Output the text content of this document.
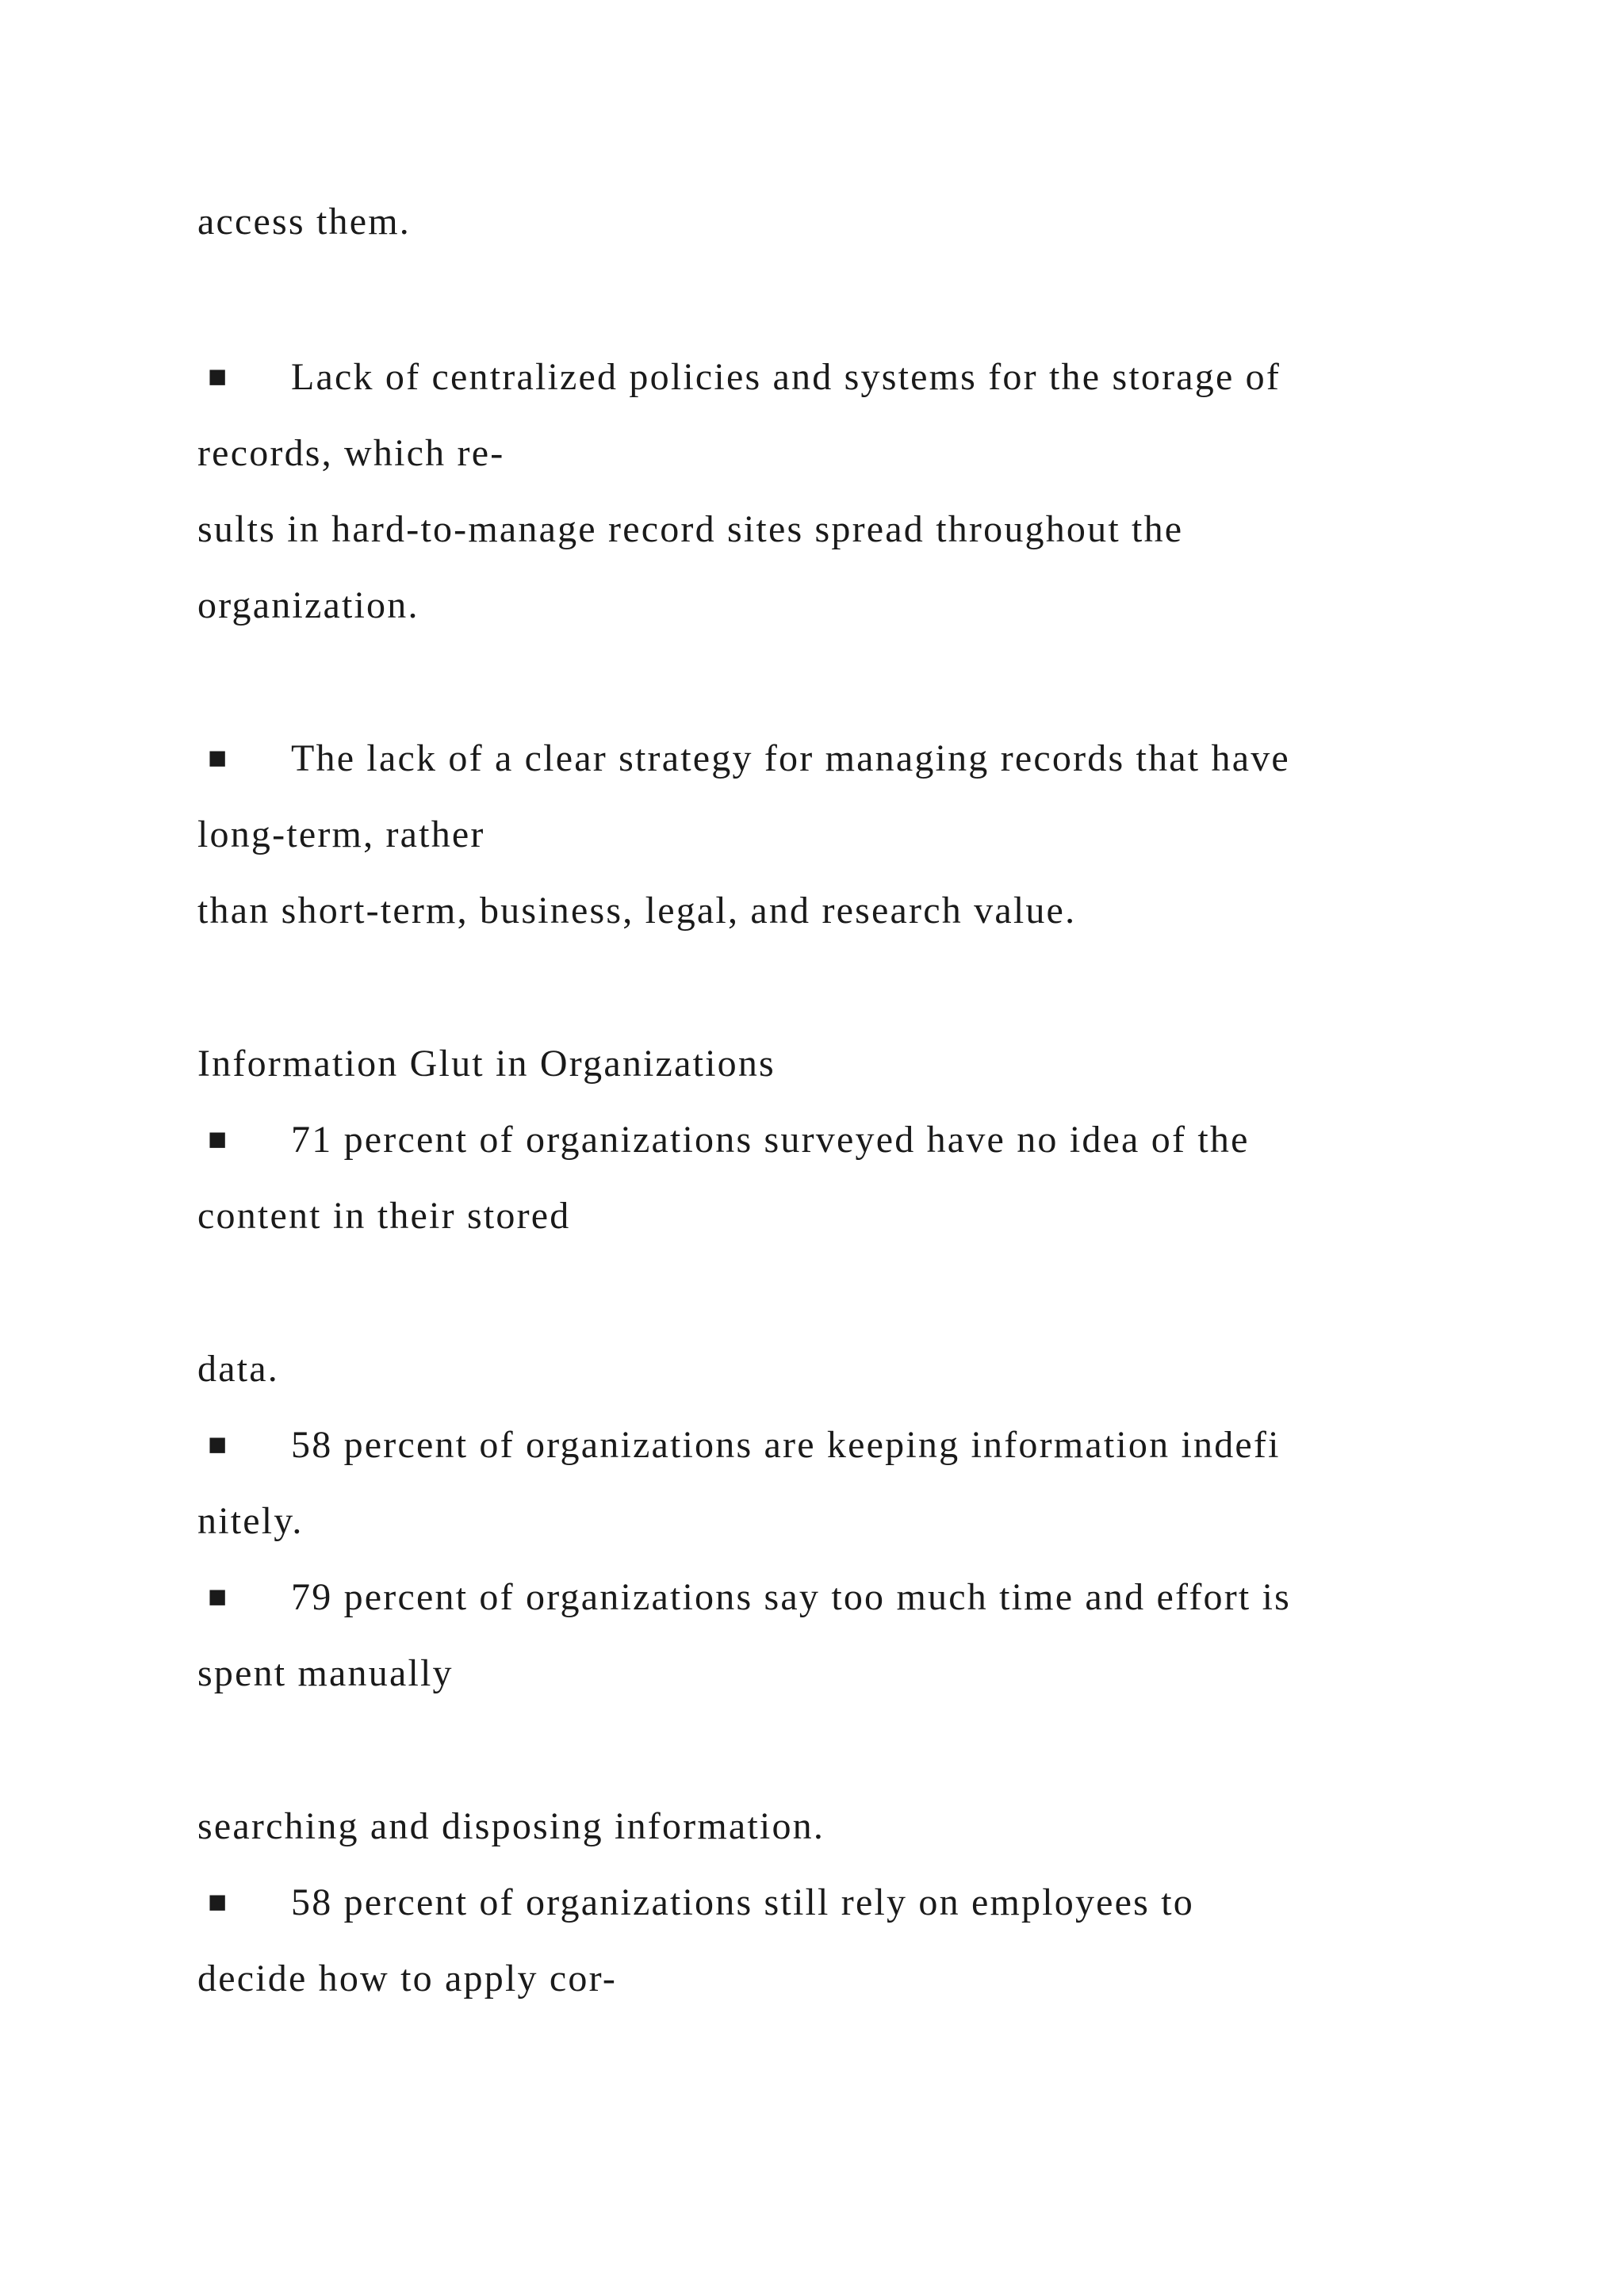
access them.
■ Lack of centralized policies and systems for the storage of
records, which re-
sults in hard-to-manage record sites spread throughout the
organization.
■ The lack of a clear strategy for managing records that have
long-term, rather
than short-term, business, legal, and research value.
Information Glut in Organizations
■ 71 percent of organizations surveyed have no idea of the
content in their stored
data.
■ 58 percent of organizations are keeping information indefi
nitely.
■ 79 percent of organizations say too much time and effort is
spent manually
searching and disposing information.
■ 58 percent of organizations still rely on employees to
decide how to apply cor-
